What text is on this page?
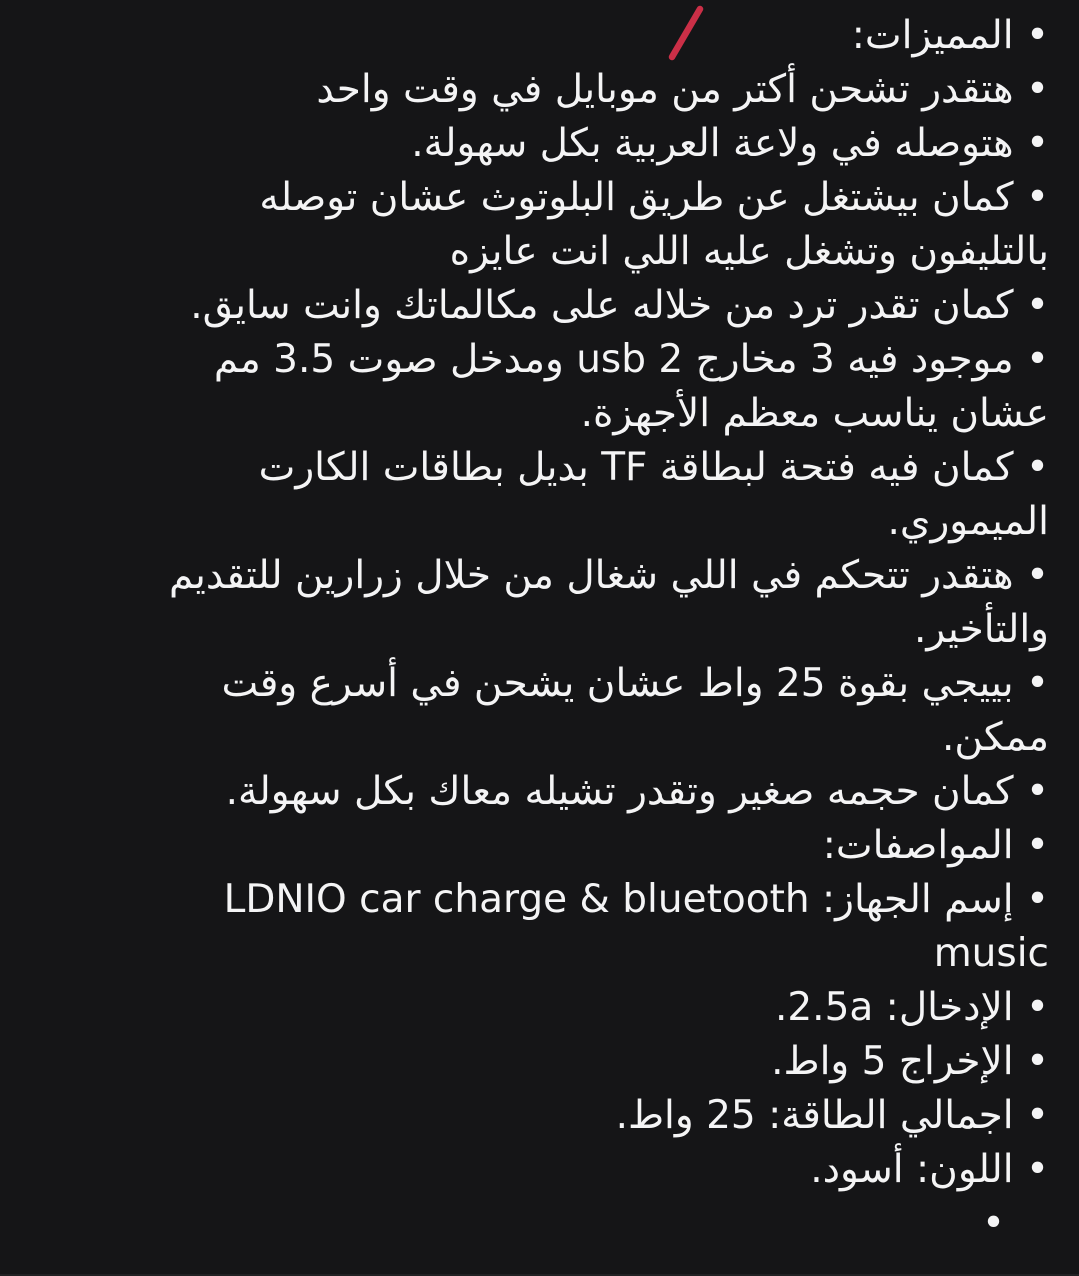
• المميزات:
• هتقدر تشحن أكتر من موبايل في وقت واحد
• هتوصله في ولاعة العربية بكل سهولة.
• كمان بيشتغل عن طريق البلوتوث عشان توصله
بالتليفون وتشغل عليه اللي انت عايزه
• كمان تقدر ترد من خلاله على مكالماتك وانت سايق.
• موجود فيه 3 مخارج usb 2 ومدخل صوت 3.5 مم
عشان يناسب معظم الأجهزة.
• كمان فيه فتحة لبطاقة TF بديل بطاقات الكارت
الميموري.
• هتقدر تتحكم في اللي شغال من خلال زرارين للتقديم
والتأخير.
• بييجي بقوة 25 واط عشان يشحن في أسرع وقت
ممكن.
• كمان حجمه صغير وتقدر تشيله معاك بكل سهولة.
• المواصفات:
• إسم الجهاز: LDNIO car charge & bluetooth
music
• الإدخال: 2.5a.
• الإخراج 5 واط.
• اجمالي الطاقة: 25 واط.
• اللون: أسود.
•
